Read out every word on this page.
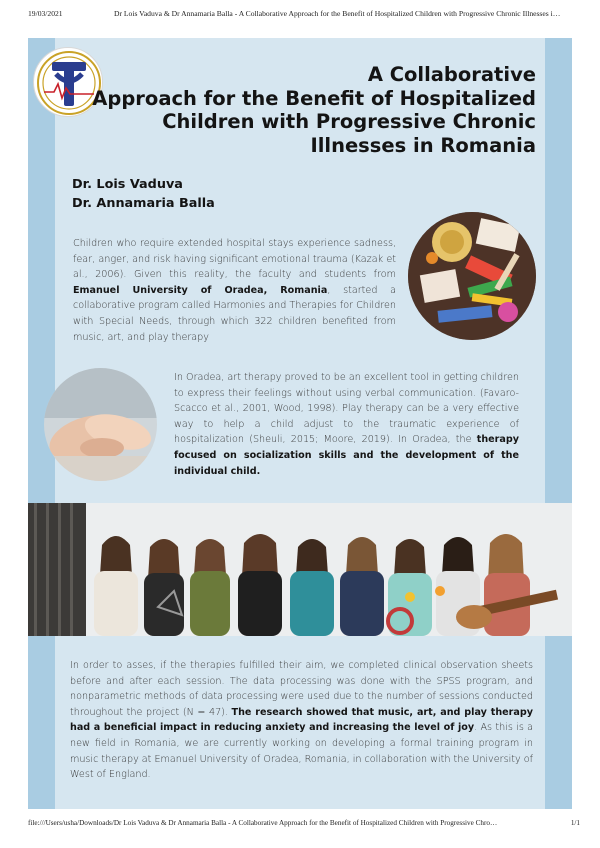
19/03/2021	Dr Lois Vaduva & Dr Annamaria Balla - A Collaborative Approach for the Benefit of Hospitalized Children with Progressive Chronic Illnesses i…
A Collaborative
Approach for the Benefit of Hospitalized
Children with Progressive Chronic
Illnesses in Romania
Dr. Lois Vaduva
Dr. Annamaria Balla

Children who require extended hospital stays experience sadness, fear, anger, and risk having significant emotional trauma (Kazak et al., 2006). Given this reality, the faculty and students from Emanuel University of Oradea, Romania, started a collaborative program called Harmonies and Therapies for Children with Special Needs, through which 322 children benefited from music, art, and play therapy

In Oradea, art therapy proved to be an excellent tool in getting children to express their feelings without using verbal communication. (Favaro-Scacco et al., 2001, Wood, 1998). Play therapy can be a very effective way to help a child adjust to the traumatic experience of hospitalization (Sheuli, 2015; Moore, 2019). In Oradea, the therapy focused on socialization skills and the development of the individual child.

In order to asses, if the therapies fulfilled their aim, we completed clinical observation sheets before and after each session. The data processing was done with the SPSS program, and nonparametric methods of data processing were used due to the number of sessions conducted throughout the project (N = 47). The research showed that music, art, and play therapy had a beneficial impact in reducing anxiety and increasing the level of joy. As this is a new field in Romania, we are currently working on developing a formal training program in music therapy at Emanuel University of Oradea, Romania, in collaboration with the University of West of England.

file:///Users/usha/Downloads/Dr Lois Vaduva & Dr Annamaria Balla - A Collaborative Approach for the Benefit of Hospitalized Children with Progressive Chro…	1/1
